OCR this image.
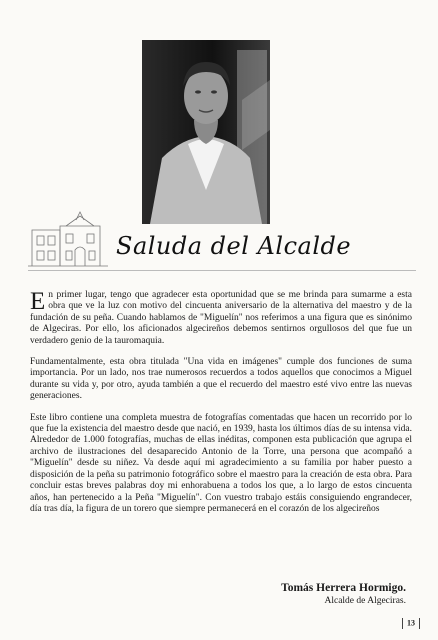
Saluda del Alcalde

En primer lugar, tengo que agradecer esta oportunidad que se me brinda para sumarme a esta obra que ve la luz con motivo del cincuenta aniversario de la alternativa del maestro y de la fundación de su peña. Cuando hablamos de "Miguelín" nos referimos a una figura que es sinónimo de Algeciras. Por ello, los aficionados algecireños debemos sentirnos orgullosos del que fue un verdadero genio de la tauromaquia.

Fundamentalmente, esta obra titulada "Una vida en imágenes" cumple dos funciones de suma importancia. Por un lado, nos trae numerosos recuerdos a todos aquellos que conocimos a Miguel durante su vida y, por otro, ayuda también a que el recuerdo del maestro esté vivo entre las nuevas generaciones.

Este libro contiene una completa muestra de fotografías comentadas que hacen un recorrido por lo que fue la existencia del maestro desde que nació, en 1939, hasta los últimos días de su intensa vida. Alrededor de 1.000 fotografías, muchas de ellas inéditas, componen esta publicación que agrupa el archivo de ilustraciones del desaparecido Antonio de la Torre, una persona que acompañó a "Miguelín" desde su niñez. Va desde aquí mi agradecimiento a su familia por haber puesto a disposición de la peña su patrimonio fotográfico sobre el maestro para la creación de esta obra. Para concluir estas breves palabras doy mi enhorabuena a todos los que, a lo largo de estos cincuenta años, han pertenecido a la Peña "Miguelín". Con vuestro trabajo estáis consiguiendo engrandecer, día tras día, la figura de un torero que siempre permanecerá en el corazón de los algecireños

Tomás Herrera Hormigo.
Alcalde de Algeciras.
13
